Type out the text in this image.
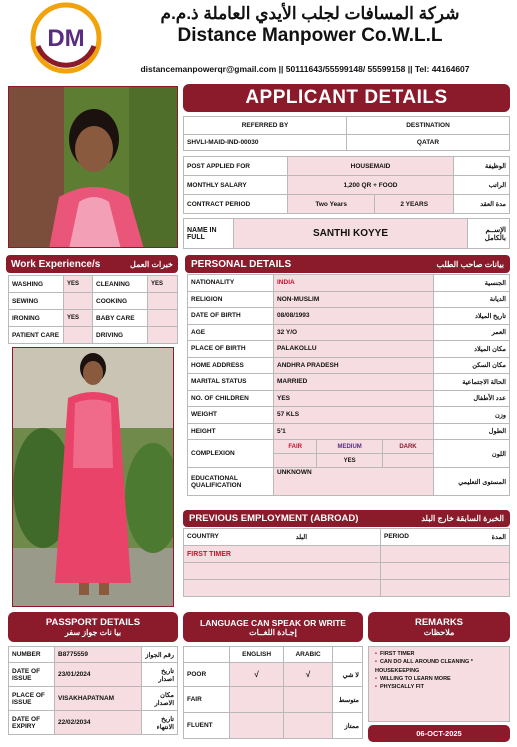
DM
شركة المسافات لجلب الأيدي العاملة ذ.م.م
Distance Manpower Co.W.L.L
distancemanpowerqr@gmail.com || 50111643/55599148/ 55599158 || Tel: 44164607
APPLICANT DETAILS
REFERRED BY	DESTINATION
SHVLI-MAID-IND-00030	QATAR
POST APPLIED FOR	HOUSEMAID		الوظيفة
MONTHLY SALARY	1,200 QR + FOOD		الراتب
CONTRACT PERIOD	Two Years	2 YEARS	مدة العقد
NAME IN FULL	SANTHI KOYYE	الإســم بالكامل
Work Experience/s	خبرات العمل
WASHING	YES	CLEANING	YES
SEWING		COOKING	
IRONING	YES	BABY CARE	
PATIENT CARE		DRIVING	
PERSONAL DETAILS	بيانات صاحب الطلب
NATIONALITY	INDIA			الجنسية
RELIGION	NON-MUSLIM			الديانة
DATE OF BIRTH	08/08/1993			تاريخ الميلاد
AGE	32 Y/O			العمر
PLACE OF BIRTH	PALAKOLLU			مكان الميلاد
HOME ADDRESS	ANDHRA PRADESH			مكان السكن
MARITAL STATUS	MARRIED			الحالة الاجتماعية
NO. OF CHILDREN	YES			عدد الأطفال
WEIGHT	57 KLS			وزن
HEIGHT	5'1			الطول
COMPLEXION	FAIR	MEDIUM	DARK	اللون
		YES		
EDUCATIONAL QUALIFICATION	UNKNOWN			المستوى التعليمي
PREVIOUS EMPLOYMENT (ABROAD)	الخبرة السابقة خارج البلد
COUNTRY البلد	PERIOD المدة

FIRST TIMER	

PASSPORT DETAILS
بيا نات جواز سفر
NUMBER	B8775559	رقم الجواز
DATE OF ISSUE	23/01/2024	تاريخ اصدار
PLACE OF ISSUE	VISAKHAPATNAM	مكان الاصدار
DATE OF EXPIRY	22/02/2034	تاريخ الانتهاء
LANGUAGE CAN SPEAK OR WRITE
إجـادة اللغــات
	ENGLISH	ARABIC	
POOR	√	√	لا شي
FAIR			متوسط
FLUENT			ممتاز
REMARKS
ملاحظات
• FIRST TIMER
• CAN DO ALL AROUND CLEANING * HOUSEKEEPING
• WILLING TO LEARN MORE
• PHYSICALLY FIT
06-OCT-2025
